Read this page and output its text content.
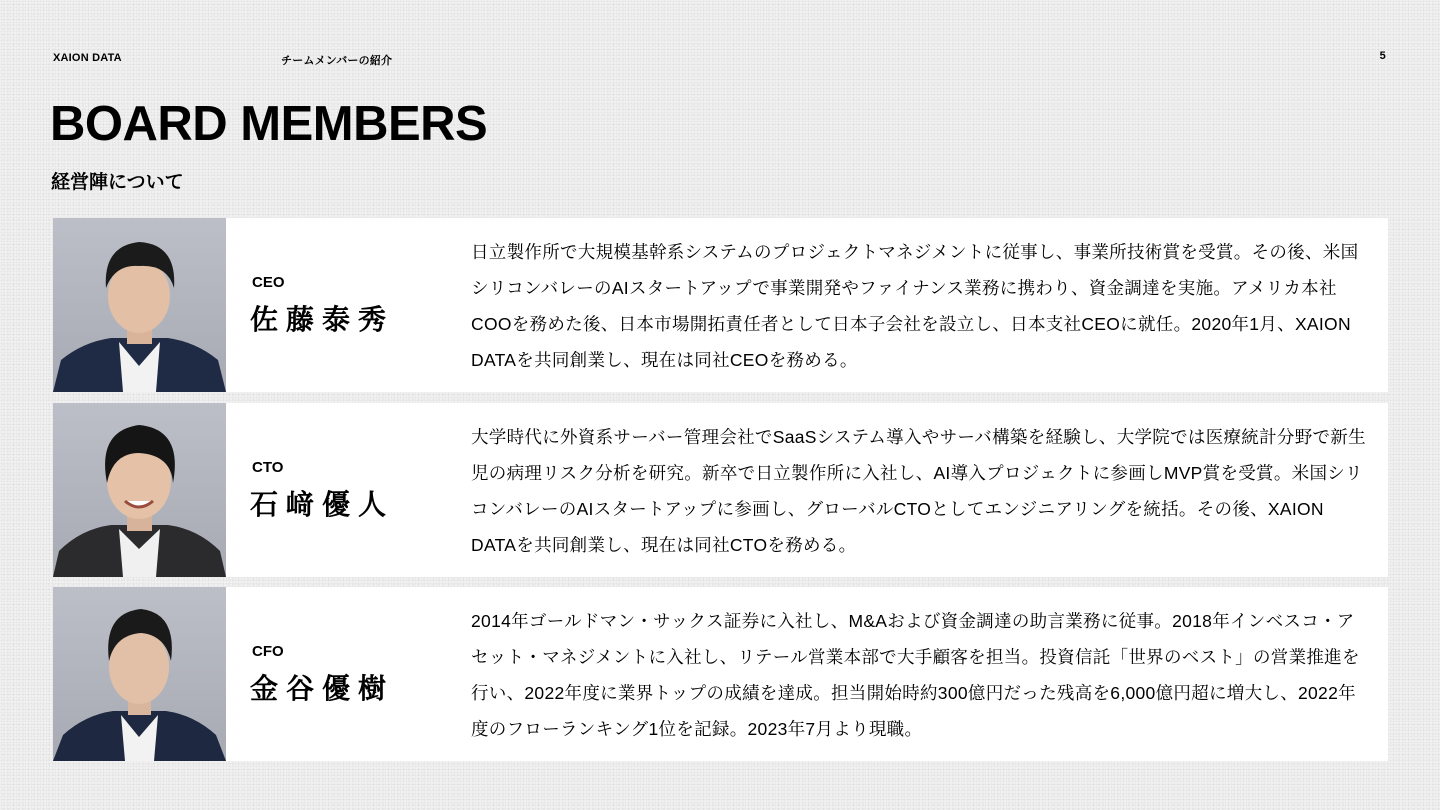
XAION DATA	チームメンバーの紹介	5
BOARD MEMBERS
経営陣について
CEO
佐藤泰秀
日立製作所で大規模基幹系システムのプロジェクトマネジメントに従事し、事業所技術賞を受賞。その後、米国シリコンバレーのAIスタートアップで事業開発やファイナンス業務に携わり、資金調達を実施。アメリカ本社COOを務めた後、日本市場開拓責任者として日本子会社を設立し、日本支社CEOに就任。2020年1月、XAION DATAを共同創業し、現在は同社CEOを務める。
CTO
石﨑優人
大学時代に外資系サーバー管理会社でSaaSシステム導入やサーバ構築を経験し、大学院では医療統計分野で新生児の病理リスク分析を研究。新卒で日立製作所に入社し、AI導入プロジェクトに参画しMVP賞を受賞。米国シリコンバレーのAIスタートアップに参画し、グローバルCTOとしてエンジニアリングを統括。その後、XAION DATAを共同創業し、現在は同社CTOを務める。
CFO
金谷優樹
2014年ゴールドマン・サックス証券に入社し、M&Aおよび資金調達の助言業務に従事。2018年インベスコ・アセット・マネジメントに入社し、リテール営業本部で大手顧客を担当。投資信託「世界のベスト」の営業推進を行い、2022年度に業界トップの成績を達成。担当開始時約300億円だった残高を6,000億円超に増大し、2022年度のフローランキング1位を記録。2023年7月より現職。
